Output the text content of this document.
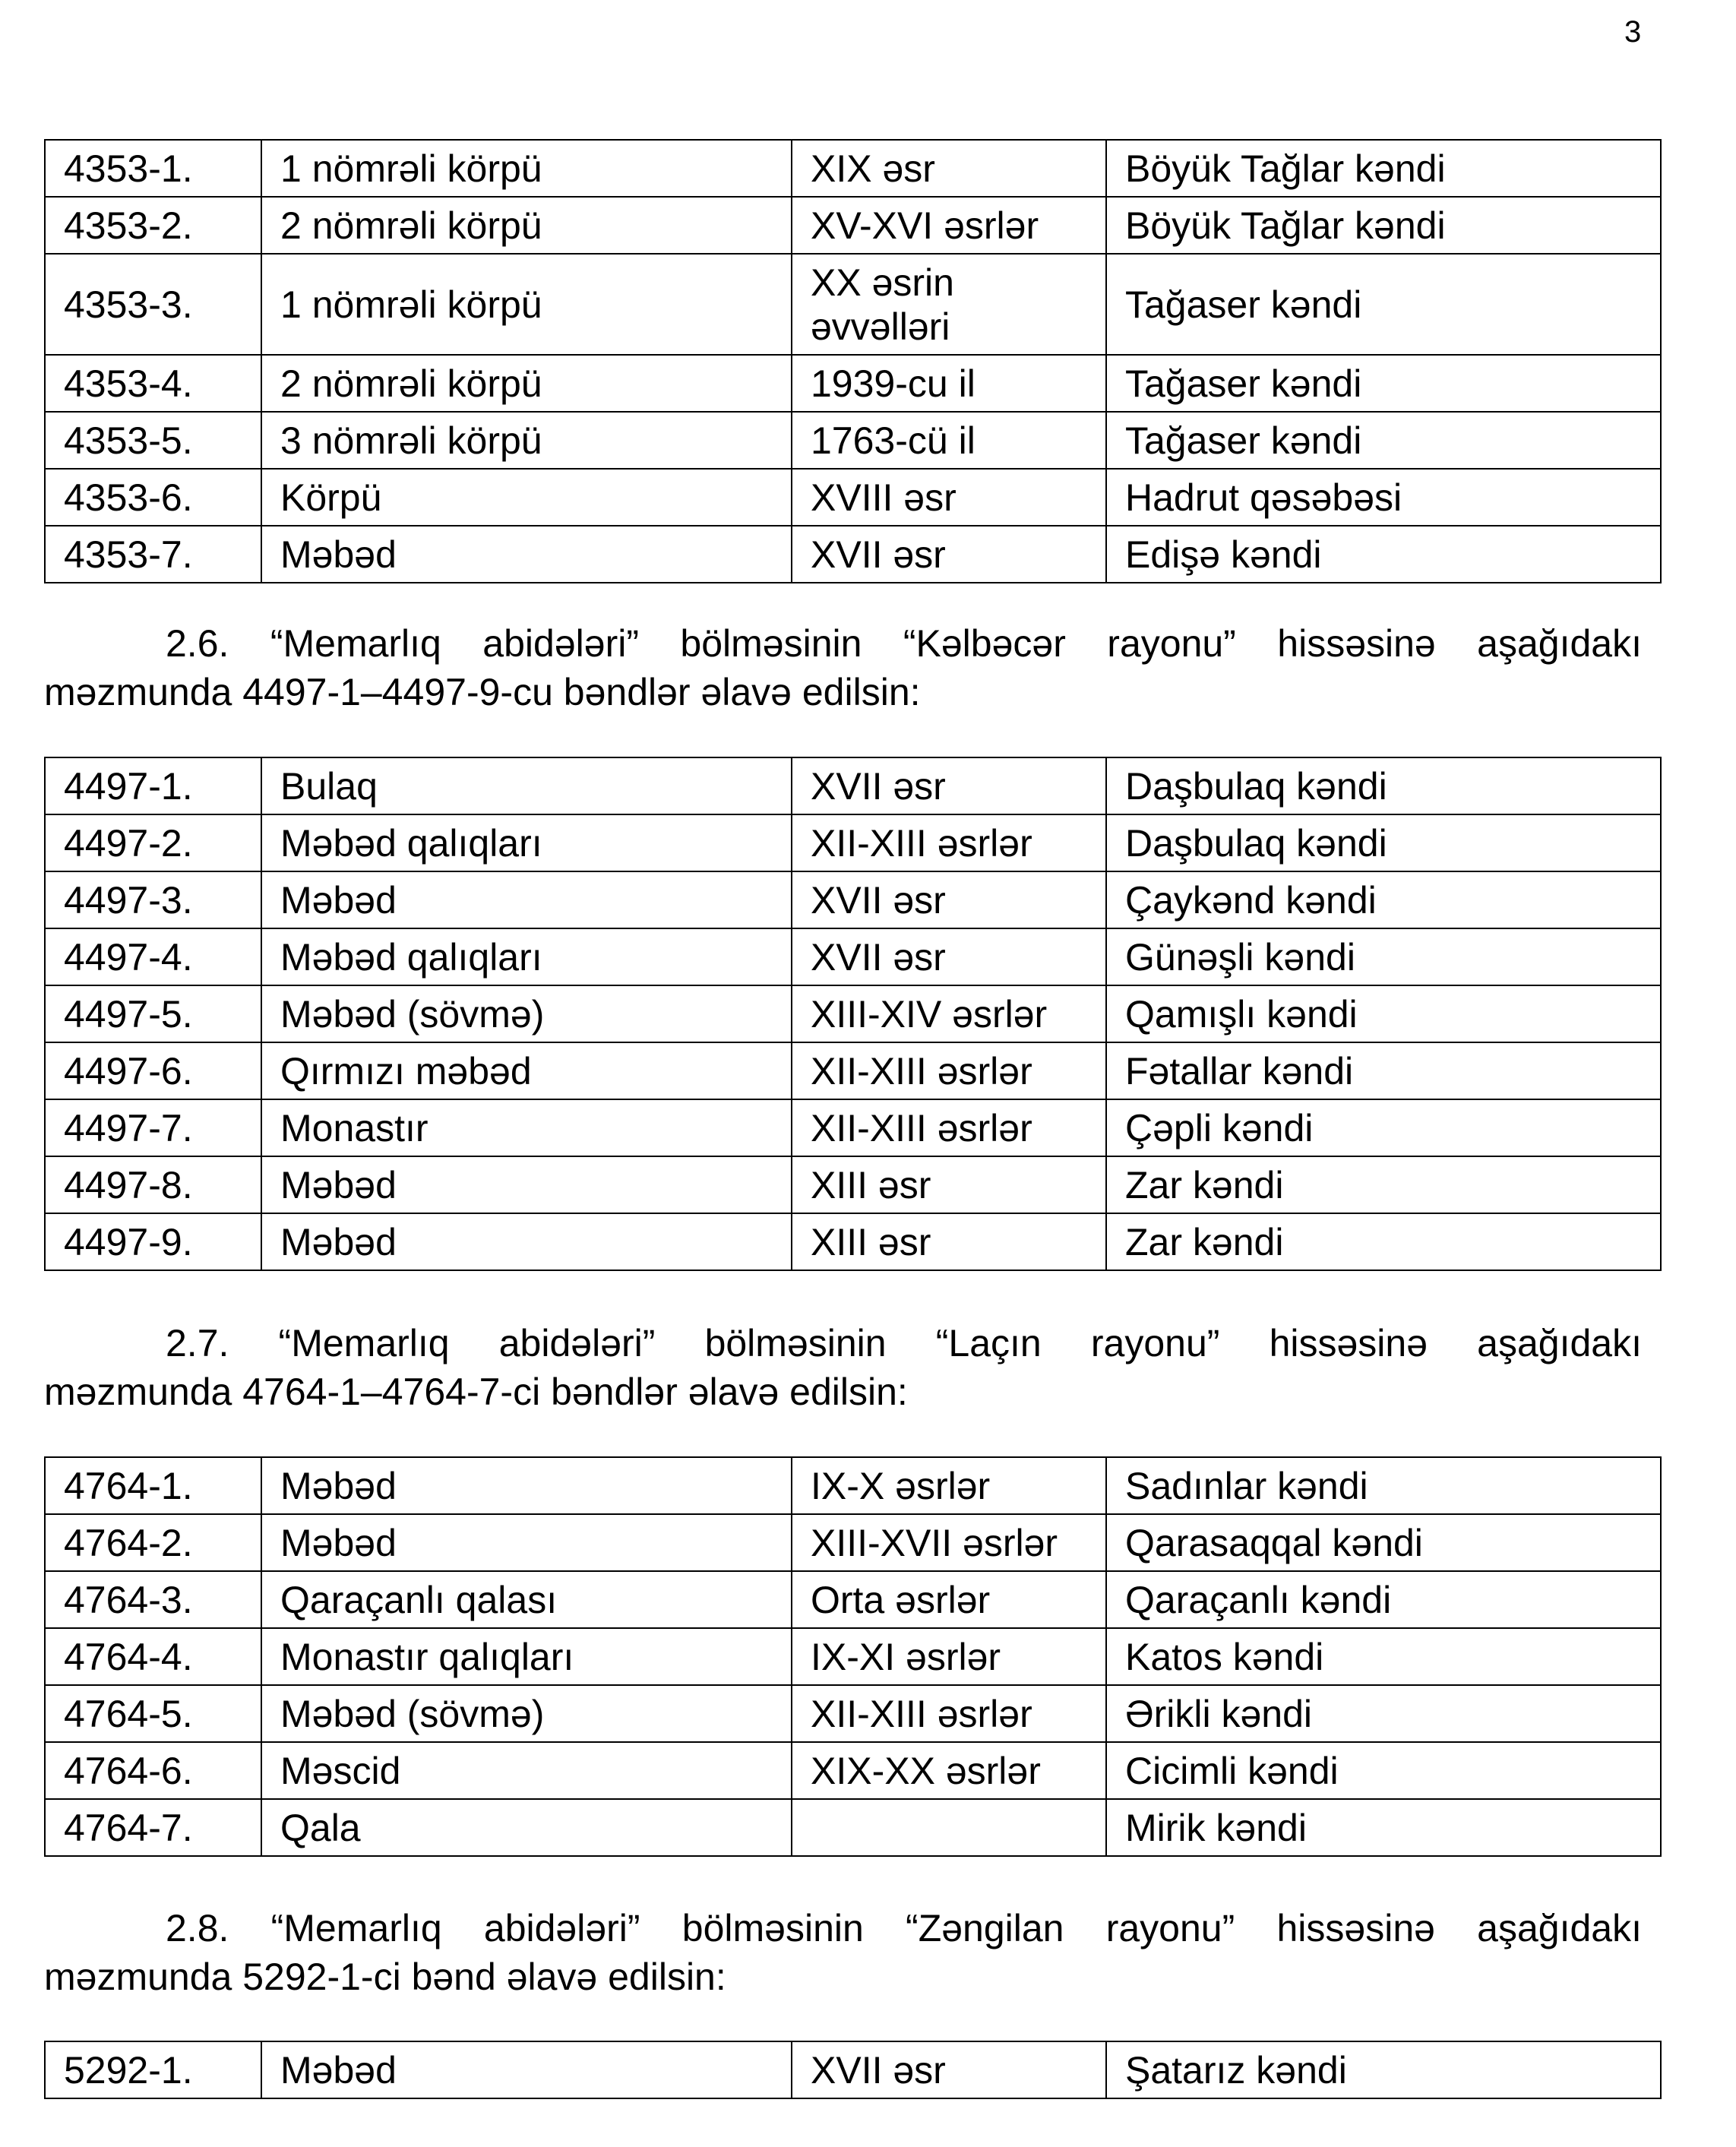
3
4353-1.	1 nömrəli körpü	XIX əsr	Böyük Tağlar kəndi
4353-2.	2 nömrəli körpü	XV-XVI əsrlər	Böyük Tağlar kəndi
4353-3.	1 nömrəli körpü	XX əsrin əvvəlləri	Tağaser kəndi
4353-4.	2 nömrəli körpü	1939-cu il	Tağaser kəndi
4353-5.	3 nömrəli körpü	1763-cü il	Tağaser kəndi
4353-6.	Körpü	XVIII əsr	Hadrut qəsəbəsi
4353-7.	Məbəd	XVII əsr	Edişə kəndi

2.6. “Memarlıq abidələri” bölməsinin “Kəlbəcər rayonu” hissəsinə aşağıdakı
məzmunda 4497-1–4497-9-cu bəndlər əlavə edilsin:

4497-1.	Bulaq	XVII əsr	Daşbulaq kəndi
4497-2.	Məbəd qalıqları	XII-XIII əsrlər	Daşbulaq kəndi
4497-3.	Məbəd	XVII əsr	Çaykənd kəndi
4497-4.	Məbəd qalıqları	XVII əsr	Günəşli kəndi
4497-5.	Məbəd (sövmə)	XIII-XIV əsrlər	Qamışlı kəndi
4497-6.	Qırmızı məbəd	XII-XIII əsrlər	Fətallar kəndi
4497-7.	Monastır	XII-XIII əsrlər	Çəpli kəndi
4497-8.	Məbəd	XIII əsr	Zar kəndi
4497-9.	Məbəd	XIII əsr	Zar kəndi

2.7. “Memarlıq abidələri” bölməsinin “Laçın rayonu” hissəsinə aşağıdakı
məzmunda 4764-1–4764-7-ci bəndlər əlavə edilsin:

4764-1.	Məbəd	IX-X əsrlər	Sadınlar kəndi
4764-2.	Məbəd	XIII-XVII əsrlər	Qarasaqqal kəndi
4764-3.	Qaraçanlı qalası	Orta əsrlər	Qaraçanlı kəndi
4764-4.	Monastır qalıqları	IX-XI əsrlər	Katos kəndi
4764-5.	Məbəd (sövmə)	XII-XIII əsrlər	Ərikli kəndi
4764-6.	Məscid	XIX-XX əsrlər	Cicimli kəndi
4764-7.	Qala		Mirik kəndi

2.8. “Memarlıq abidələri” bölməsinin “Zəngilan rayonu” hissəsinə aşağıdakı
məzmunda 5292-1-ci bənd əlavə edilsin:

5292-1.	Məbəd	XVII əsr	Şatarız kəndi
